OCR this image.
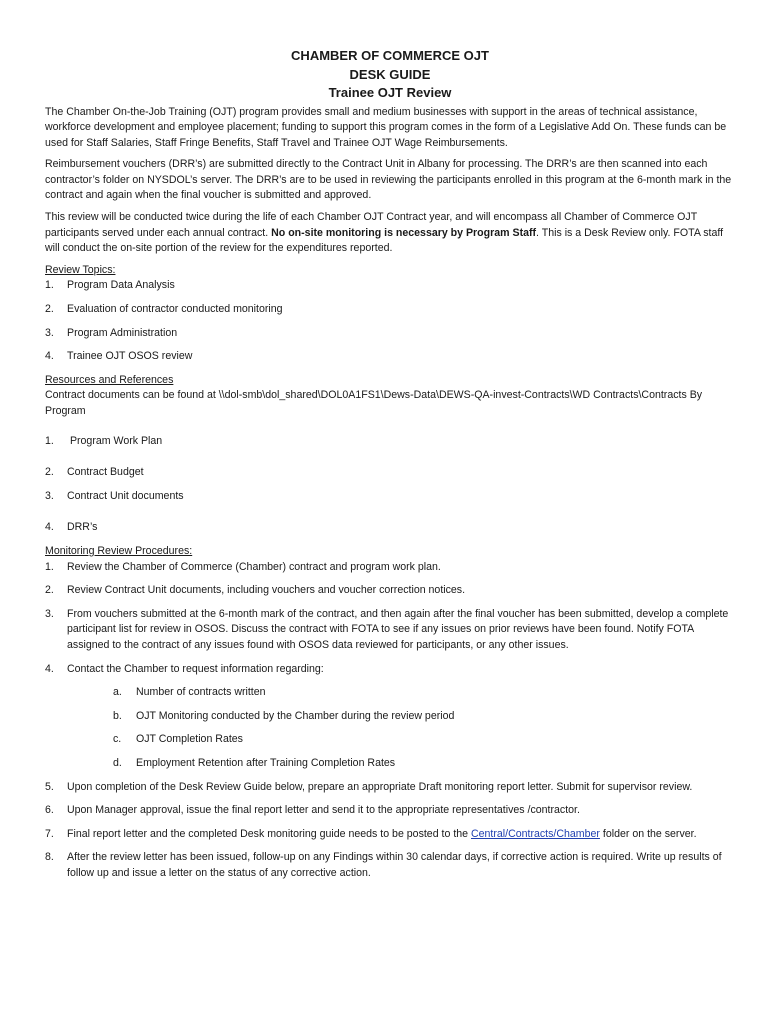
CHAMBER OF COMMERCE OJT
DESK GUIDE
Trainee OJT Review

The Chamber On-the-Job Training (OJT) program provides small and medium businesses with support in the areas of technical assistance, workforce development and employee placement; funding to support this program comes in the form of a Legislative Add On. These funds can be used for Staff Salaries, Staff Fringe Benefits, Staff Travel and Trainee OJT Wage Reimbursements.

Reimbursement vouchers (DRR’s) are submitted directly to the Contract Unit in Albany for processing. The DRR’s are then scanned into each contractor’s folder on NYSDOL’s server. The DRR’s are to be used in reviewing the participants enrolled in this program at the 6-month mark in the contract and again when the final voucher is submitted and approved.

This review will be conducted twice during the life of each Chamber OJT Contract year, and will encompass all Chamber of Commerce OJT participants served under each annual contract. No on-site monitoring is necessary by Program Staff. This is a Desk Review only. FOTA staff will conduct the on-site portion of the review for the expenditures reported.

Review Topics:
1. Program Data Analysis
2. Evaluation of contractor conducted monitoring
3. Program Administration
4. Trainee OJT OSOS review
Resources and References
Contract documents can be found at \\dol-smb\dol_shared\DOL0A1FS1\Dews-Data\DEWS-QA-invest-Contracts\WD Contracts\Contracts By Program
1. Program Work Plan
2. Contract Budget
3. Contract Unit documents
4. DRR’s
Monitoring Review Procedures:
1. Review the Chamber of Commerce (Chamber) contract and program work plan.
2. Review Contract Unit documents, including vouchers and voucher correction notices.
3. From vouchers submitted at the 6-month mark of the contract, and then again after the final voucher has been submitted, develop a complete participant list for review in OSOS. Discuss the contract with FOTA to see if any issues on prior reviews have been found. Notify FOTA assigned to the contract of any issues found with OSOS data reviewed for participants, or any other issues.
4. Contact the Chamber to request information regarding:
a. Number of contracts written
b. OJT Monitoring conducted by the Chamber during the review period
c. OJT Completion Rates
d. Employment Retention after Training Completion Rates
5. Upon completion of the Desk Review Guide below, prepare an appropriate Draft monitoring report letter. Submit for supervisor review.
6. Upon Manager approval, issue the final report letter and send it to the appropriate representatives /contractor.
7. Final report letter and the completed Desk monitoring guide needs to be posted to the Central/Contracts/Chamber folder on the server.
8. After the review letter has been issued, follow-up on any Findings within 30 calendar days, if corrective action is required. Write up results of follow up and issue a letter on the status of any corrective action.
